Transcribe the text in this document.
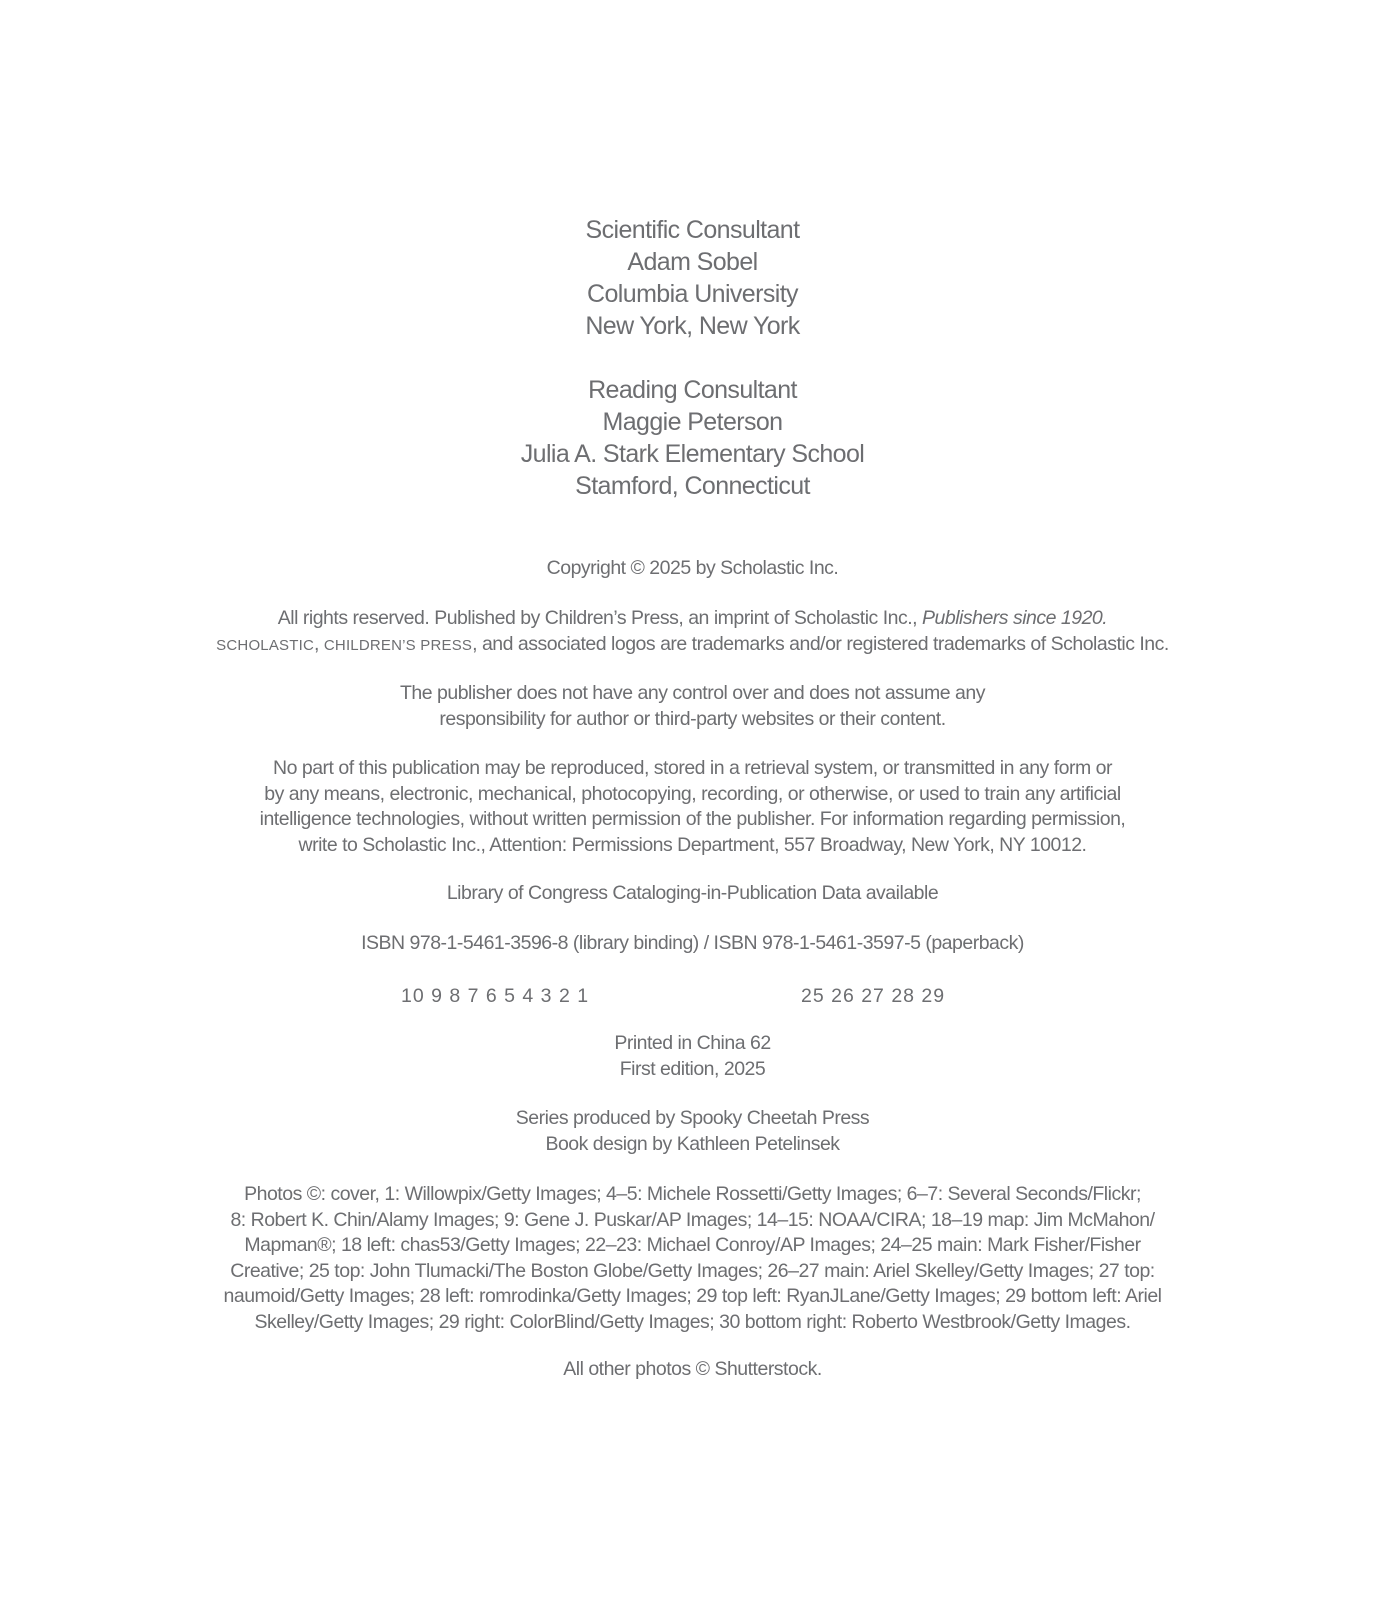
Scientific Consultant
Adam Sobel
Columbia University
New York, New York
Reading Consultant
Maggie Peterson
Julia A. Stark Elementary School
Stamford, Connecticut
Copyright © 2025 by Scholastic Inc.
All rights reserved. Published by Children’s Press, an imprint of Scholastic Inc., Publishers since 1920.
SCHOLASTIC, CHILDREN’S PRESS, and associated logos are trademarks and/or registered trademarks of Scholastic Inc.
The publisher does not have any control over and does not assume any
responsibility for author or third-party websites or their content.
No part of this publication may be reproduced, stored in a retrieval system, or transmitted in any form or
by any means, electronic, mechanical, photocopying, recording, or otherwise, or used to train any artificial
intelligence technologies, without written permission of the publisher. For information regarding permission,
write to Scholastic Inc., Attention: Permissions Department, 557 Broadway, New York, NY 10012.
Library of Congress Cataloging-in-Publication Data available
ISBN 978-1-5461-3596-8 (library binding) / ISBN 978-1-5461-3597-5 (paperback)
10 9 8 7 6 5 4 3 2 1	25 26 27 28 29
Printed in China 62
First edition, 2025
Series produced by Spooky Cheetah Press
Book design by Kathleen Petelinsek
Photos ©: cover, 1: Willowpix/Getty Images; 4–5: Michele Rossetti/Getty Images; 6–7: Several Seconds/Flickr;
8: Robert K. Chin/Alamy Images; 9: Gene J. Puskar/AP Images; 14–15: NOAA/CIRA; 18–19 map: Jim McMahon/
Mapman®; 18 left: chas53/Getty Images; 22–23: Michael Conroy/AP Images; 24–25 main: Mark Fisher/Fisher
Creative; 25 top: John Tlumacki/The Boston Globe/Getty Images; 26–27 main: Ariel Skelley/Getty Images; 27 top:
naumoid/Getty Images; 28 left: romrodinka/Getty Images; 29 top left: RyanJLane/Getty Images; 29 bottom left: Ariel
Skelley/Getty Images; 29 right: ColorBlind/Getty Images; 30 bottom right: Roberto Westbrook/Getty Images.
All other photos © Shutterstock.
